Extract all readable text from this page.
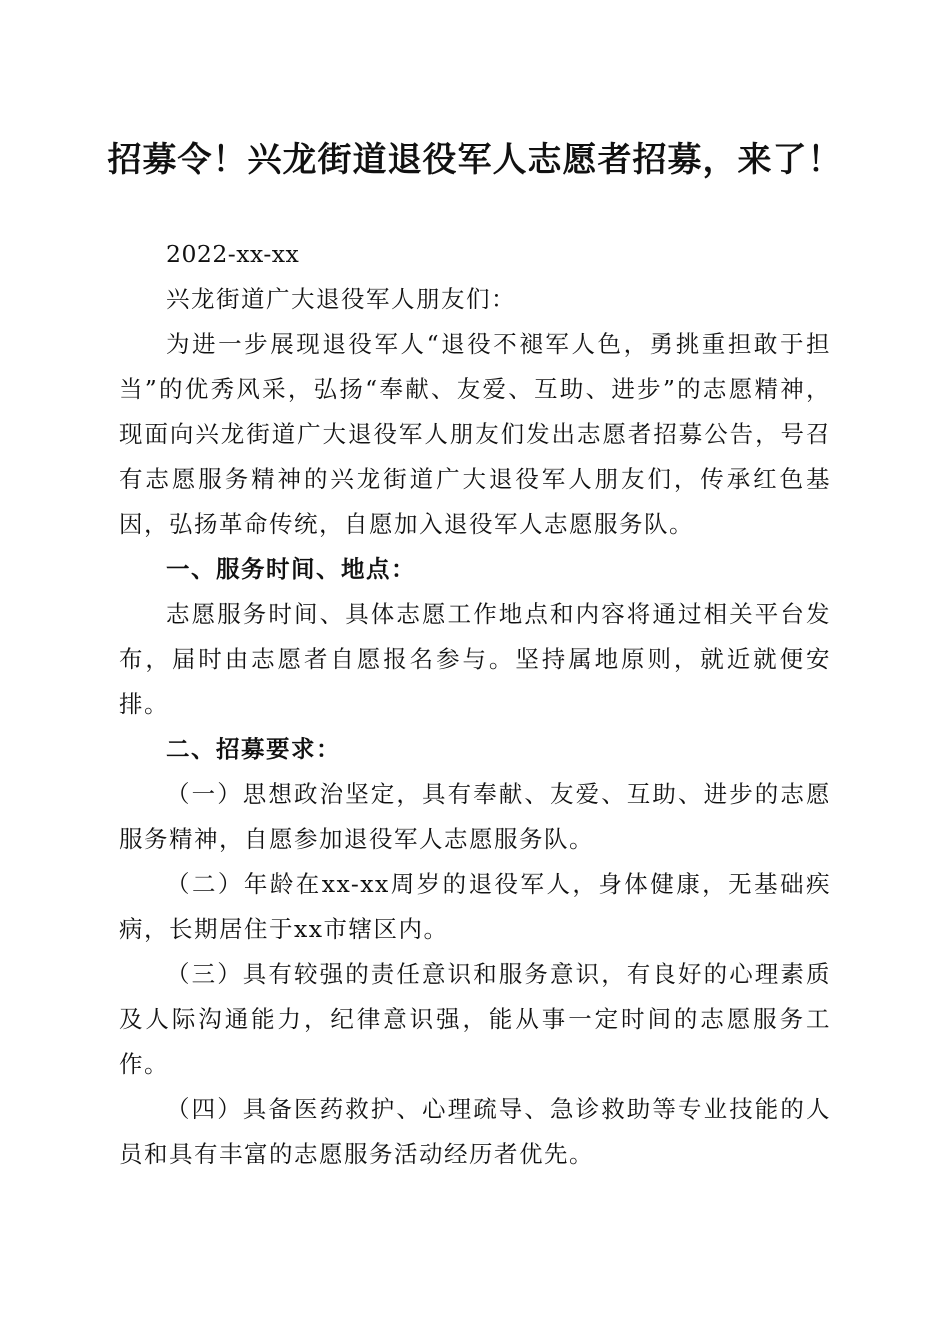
招募令！兴龙街道退役军人志愿者招募，来了！

2022-xx-xx

兴龙街道广大退役军人朋友们：

为进一步展现退役军人“退役不褪军人色，勇挑重担敢于担当”的优秀风采，弘扬“奉献、友爱、互助、进步”的志愿精神，现面向兴龙街道广大退役军人朋友们发出志愿者招募公告，号召有志愿服务精神的兴龙街道广大退役军人朋友们，传承红色基因，弘扬革命传统，自愿加入退役军人志愿服务队。

一、服务时间、地点：

志愿服务时间、具体志愿工作地点和内容将通过相关平台发布，届时由志愿者自愿报名参与。坚持属地原则，就近就便安排。

二、招募要求：

（一）思想政治坚定，具有奉献、友爱、互助、进步的志愿服务精神，自愿参加退役军人志愿服务队。

（二）年龄在xx-xx周岁的退役军人，身体健康，无基础疾病，长期居住于xx市辖区内。

（三）具有较强的责任意识和服务意识，有良好的心理素质及人际沟通能力，纪律意识强，能从事一定时间的志愿服务工作。

（四）具备医药救护、心理疏导、急诊救助等专业技能的人员和具有丰富的志愿服务活动经历者优先。
